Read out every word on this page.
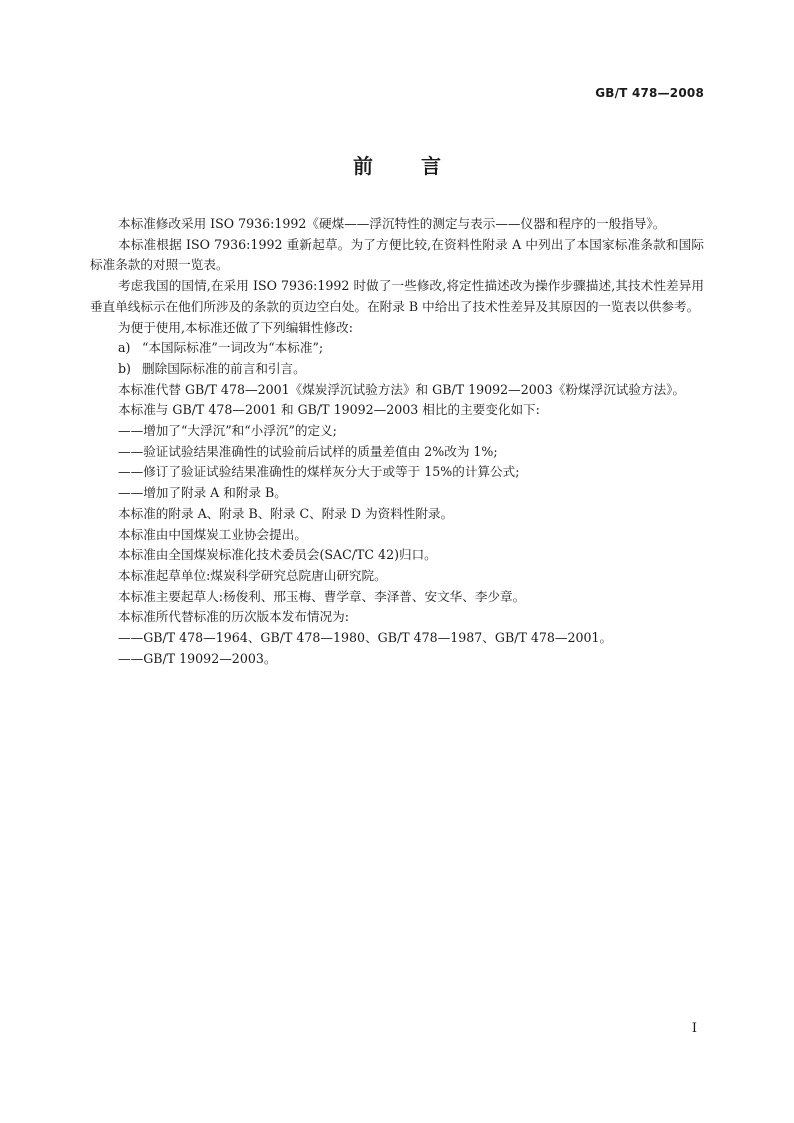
GB/T 478—2008
前言

本标准修改采用 ISO 7936:1992《硬煤——浮沉特性的测定与表示——仪器和程序的一般指导》。

本标准根据 ISO 7936:1992 重新起草。为了方便比较,在资料性附录 A 中列出了本国家标准条款和国际标准条款的对照一览表。

考虑我国的国情,在采用 ISO 7936:1992 时做了一些修改,将定性描述改为操作步骤描述,其技术性差异用垂直单线标示在他们所涉及的条款的页边空白处。在附录 B 中给出了技术性差异及其原因的一览表以供参考。

为便于使用,本标准还做了下列编辑性修改:

a) “本国际标准”一词改为“本标准”;

b) 删除国际标准的前言和引言。

本标准代替 GB/T 478—2001《煤炭浮沉试验方法》和 GB/T 19092—2003《粉煤浮沉试验方法》。

本标准与 GB/T 478—2001 和 GB/T 19092—2003 相比的主要变化如下:

——增加了“大浮沉”和“小浮沉”的定义;

——验证试验结果准确性的试验前后试样的质量差值由 2%改为 1%;

——修订了验证试验结果准确性的煤样灰分大于或等于 15%的计算公式;

——增加了附录 A 和附录 B。

本标准的附录 A、附录 B、附录 C、附录 D 为资料性附录。

本标准由中国煤炭工业协会提出。

本标准由全国煤炭标准化技术委员会(SAC/TC 42)归口。

本标准起草单位:煤炭科学研究总院唐山研究院。

本标准主要起草人:杨俊利、邢玉梅、曹学章、李泽普、安文华、李少章。

本标准所代替标准的历次版本发布情况为:

——GB/T 478—1964、GB/T 478—1980、GB/T 478—1987、GB/T 478—2001。

——GB/T 19092—2003。

I
